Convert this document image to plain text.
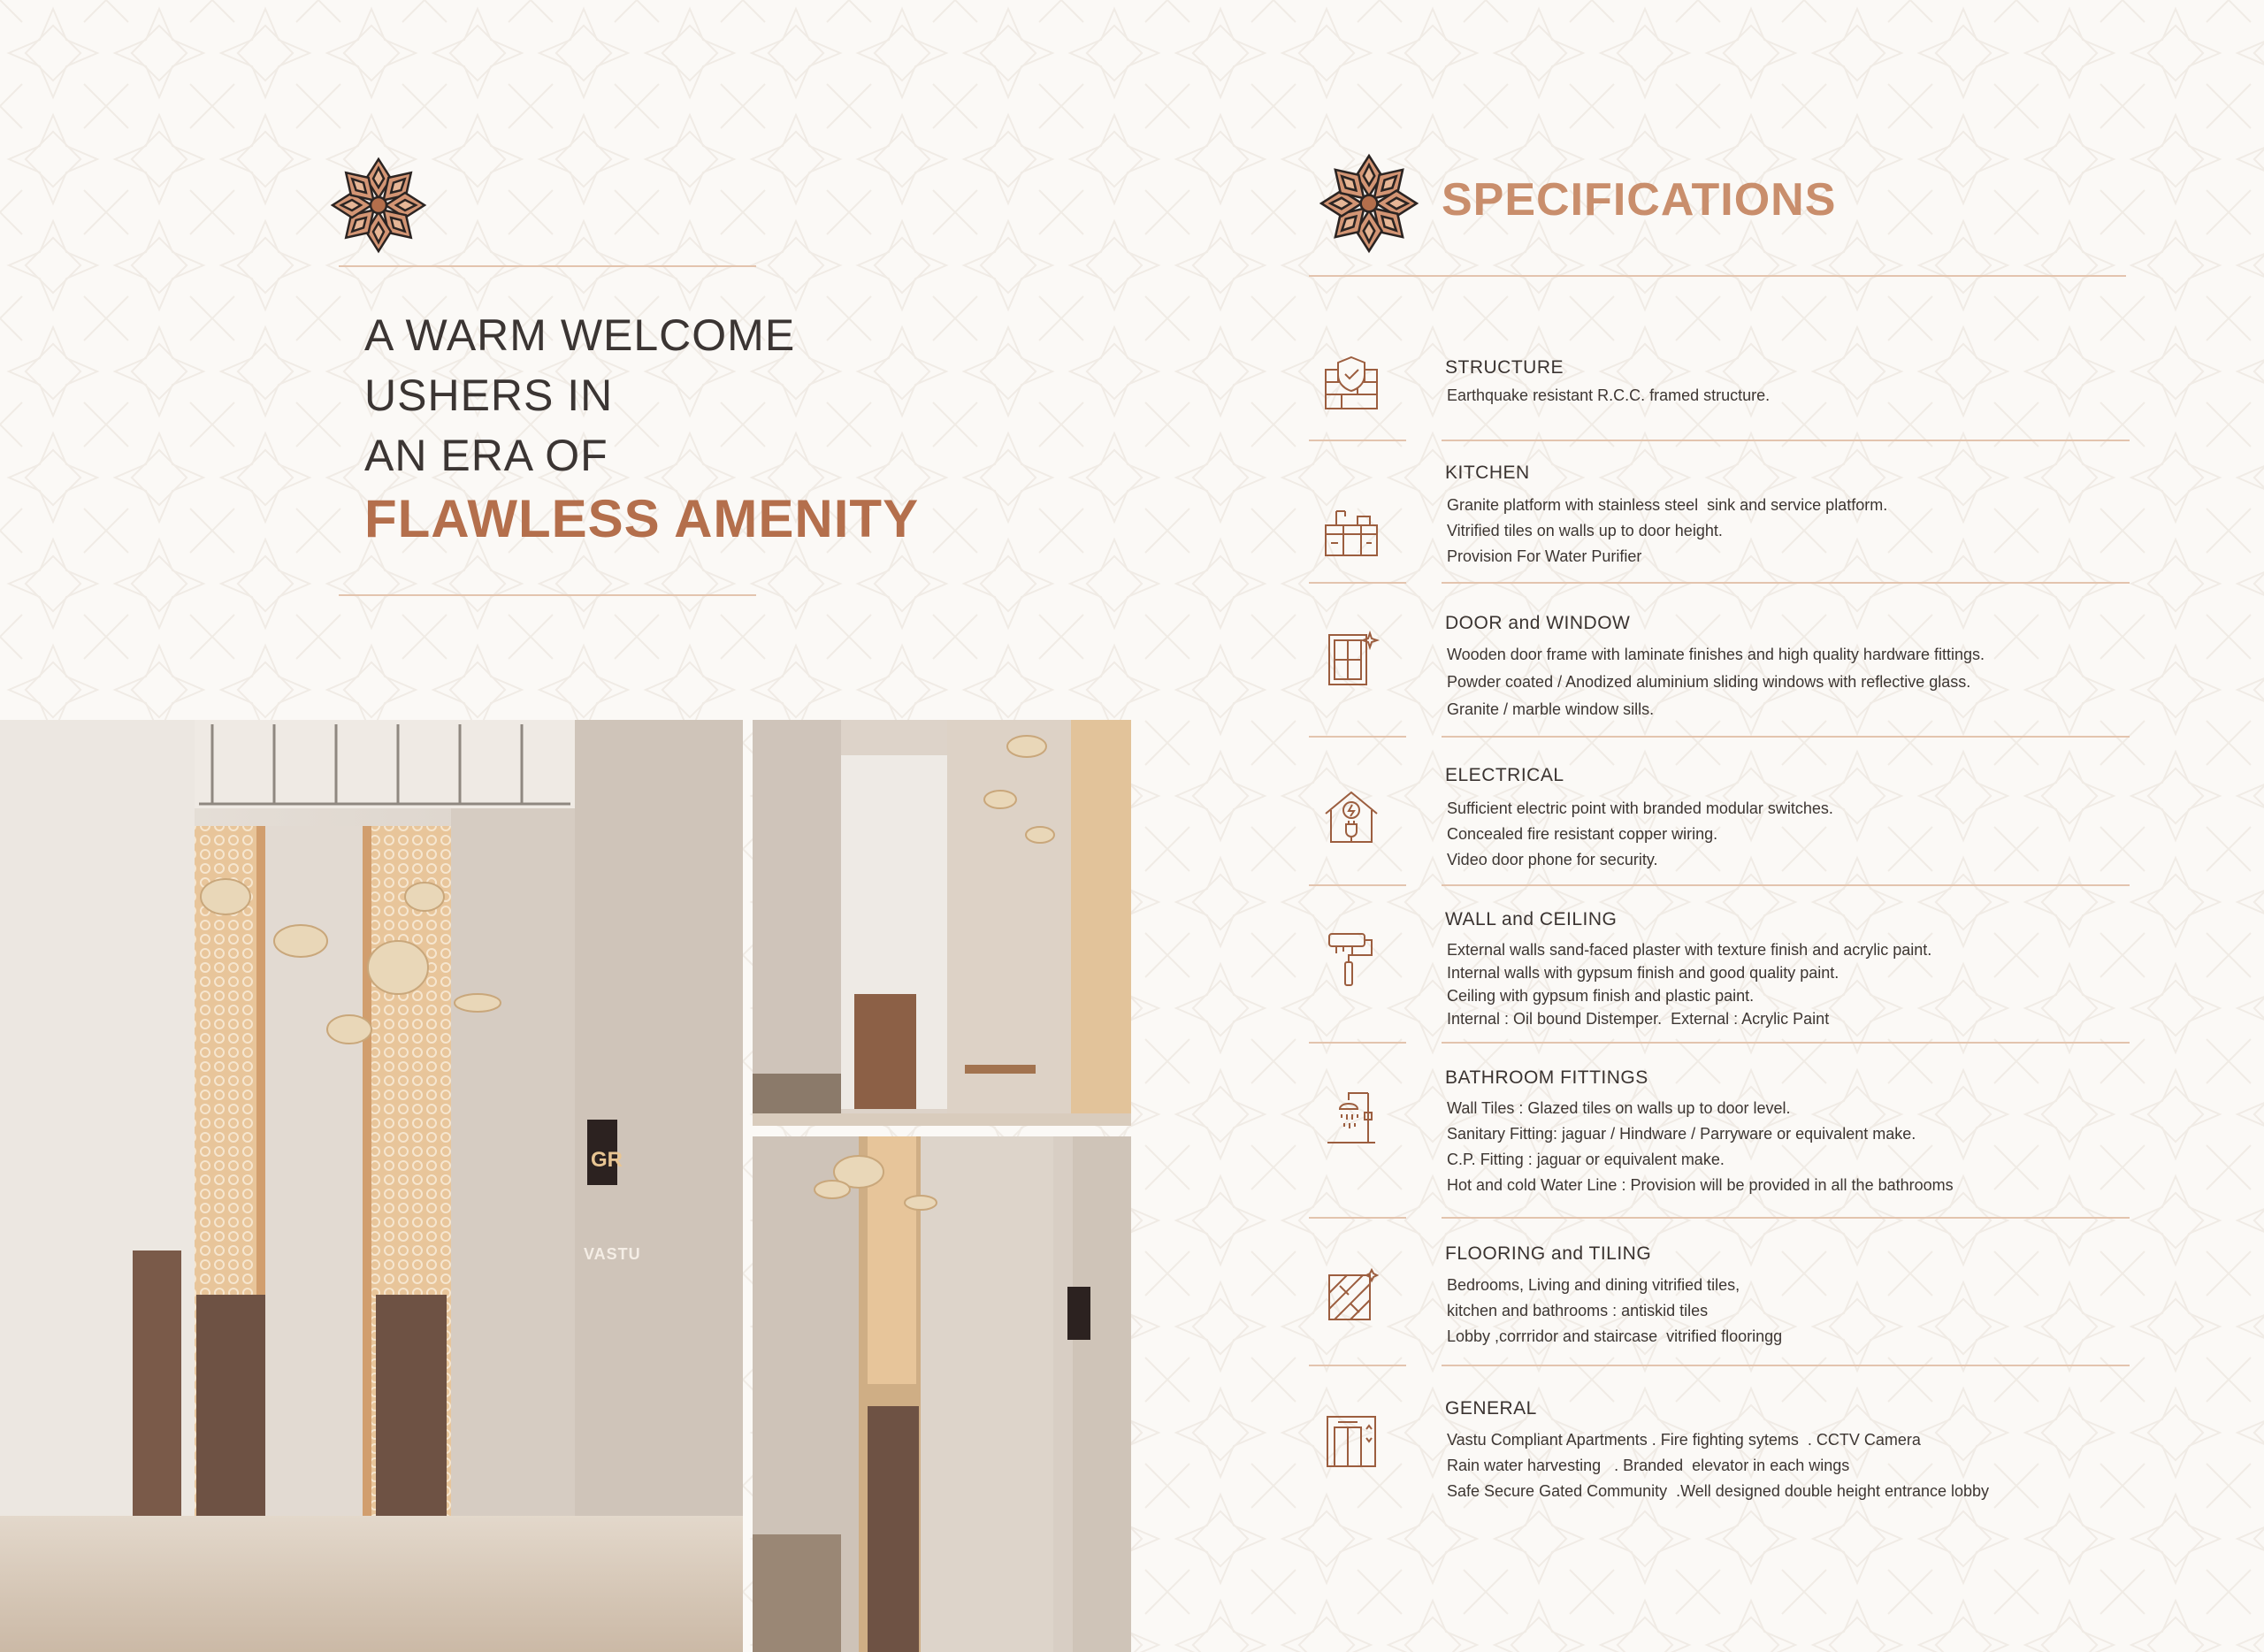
A WARM WELCOME
USHERS IN
AN ERA OF
FLAWLESS AMENITY
GR
VASTU
SPECIFICATIONS
STRUCTURE
Earthquake resistant R.C.C. framed structure.
KITCHEN
Granite platform with stainless steel  sink and service platform.
Vitrified tiles on walls up to door height.
Provision For Water Purifier
DOOR and WINDOW
Wooden door frame with laminate finishes and high quality hardware fittings.
Powder coated / Anodized aluminium sliding windows with reflective glass.
Granite / marble window sills.
ELECTRICAL
Sufficient electric point with branded modular switches.
Concealed fire resistant copper wiring.
Video door phone for security.
WALL and CEILING
External walls sand-faced plaster with texture finish and acrylic paint.
Internal walls with gypsum finish and good quality paint.
Ceiling with gypsum finish and plastic paint.
Internal : Oil bound Distemper.  External : Acrylic Paint
BATHROOM FITTINGS
Wall Tiles : Glazed tiles on walls up to door level.
Sanitary Fitting: jaguar / Hindware / Parryware or equivalent make.
C.P. Fitting : jaguar or equivalent make.
Hot and cold Water Line : Provision will be provided in all the bathrooms
FLOORING and TILING
Bedrooms, Living and dining vitrified tiles,
kitchen and bathrooms : antiskid tiles
Lobby ,corrridor and staircase  vitrified flooringg
GENERAL
Vastu Compliant Apartments . Fire fighting sytems  . CCTV Camera
Rain water harvesting   . Branded  elevator in each wings
Safe Secure Gated Community  .Well designed double height entrance lobby
